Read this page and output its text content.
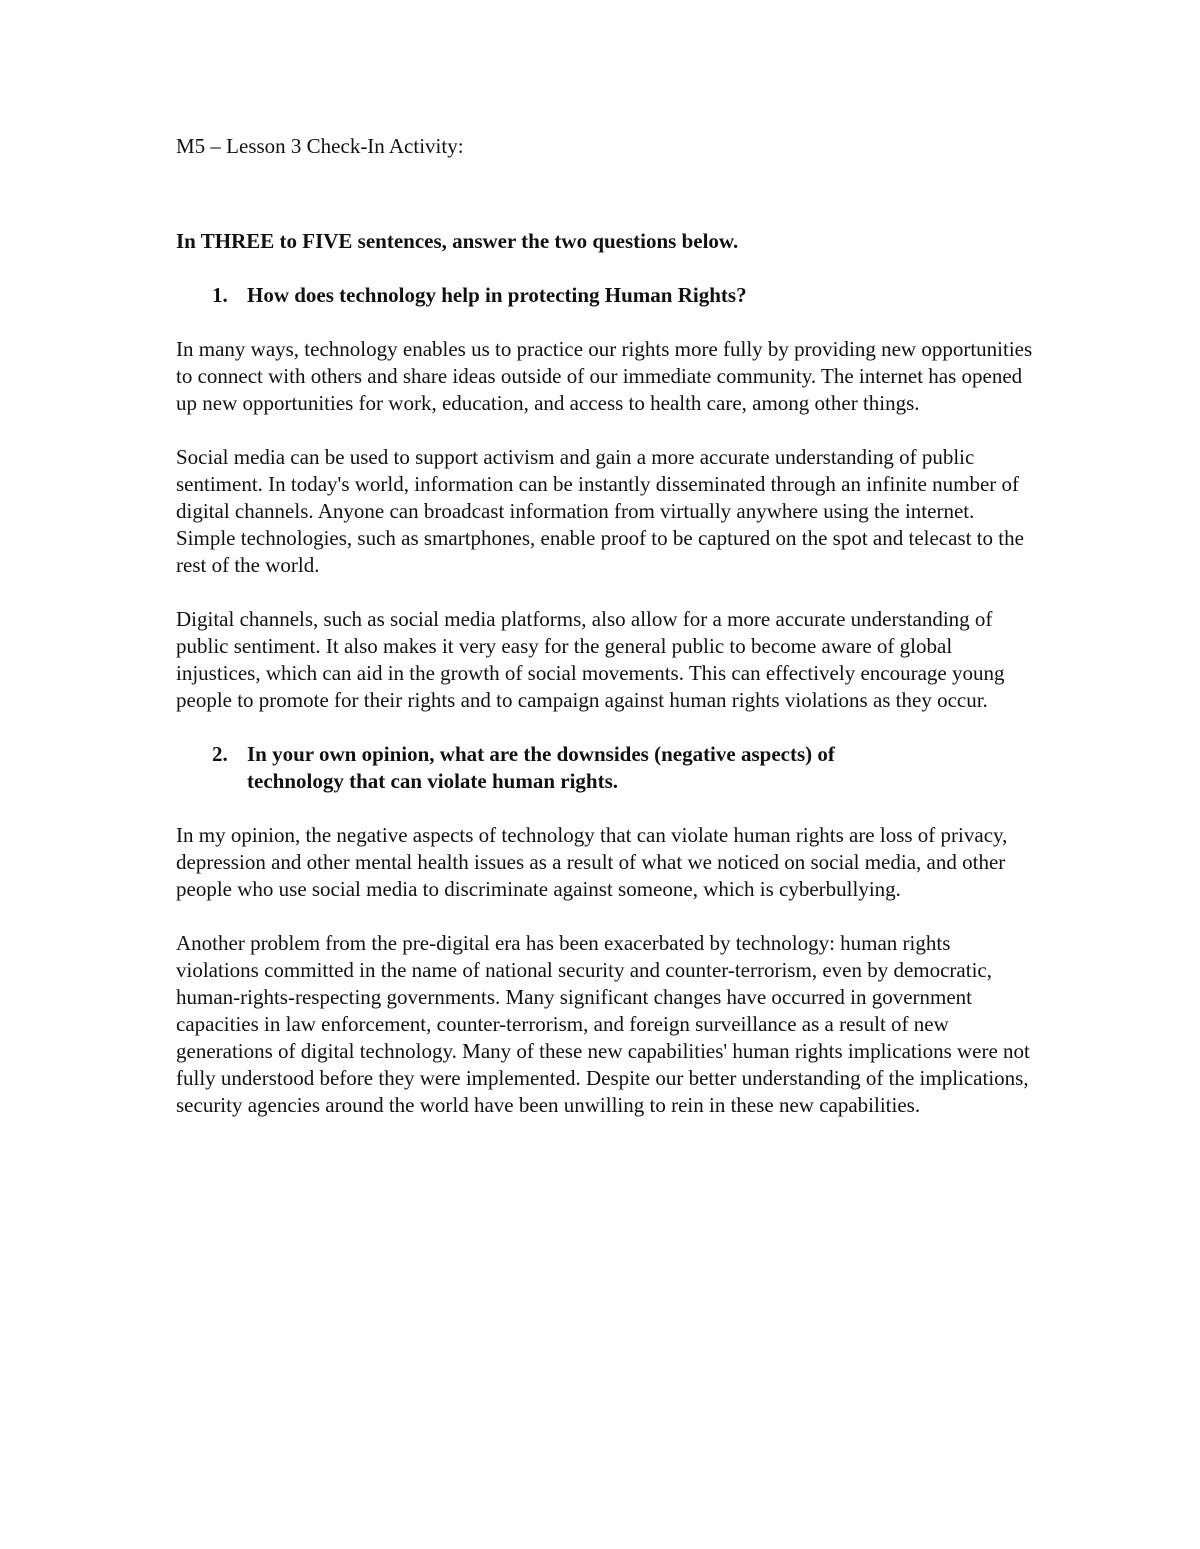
M5 – Lesson 3 Check-In Activity:

In THREE to FIVE sentences, answer the two questions below.

1. How does technology help in protecting Human Rights?

In many ways, technology enables us to practice our rights more fully by providing new opportunities to connect with others and share ideas outside of our immediate community. The internet has opened up new opportunities for work, education, and access to health care, among other things.

Social media can be used to support activism and gain a more accurate understanding of public sentiment. In today's world, information can be instantly disseminated through an infinite number of digital channels. Anyone can broadcast information from virtually anywhere using the internet. Simple technologies, such as smartphones, enable proof to be captured on the spot and telecast to the rest of the world.

Digital channels, such as social media platforms, also allow for a more accurate understanding of public sentiment. It also makes it very easy for the general public to become aware of global injustices, which can aid in the growth of social movements. This can effectively encourage young people to promote for their rights and to campaign against human rights violations as they occur.

2. In your own opinion, what are the downsides (negative aspects) of technology that can violate human rights.

In my opinion, the negative aspects of technology that can violate human rights are loss of privacy, depression and other mental health issues as a result of what we noticed on social media, and other people who use social media to discriminate against someone, which is cyberbullying.

Another problem from the pre-digital era has been exacerbated by technology: human rights violations committed in the name of national security and counter-terrorism, even by democratic, human-rights-respecting governments. Many significant changes have occurred in government capacities in law enforcement, counter-terrorism, and foreign surveillance as a result of new generations of digital technology. Many of these new capabilities' human rights implications were not fully understood before they were implemented. Despite our better understanding of the implications, security agencies around the world have been unwilling to rein in these new capabilities.
